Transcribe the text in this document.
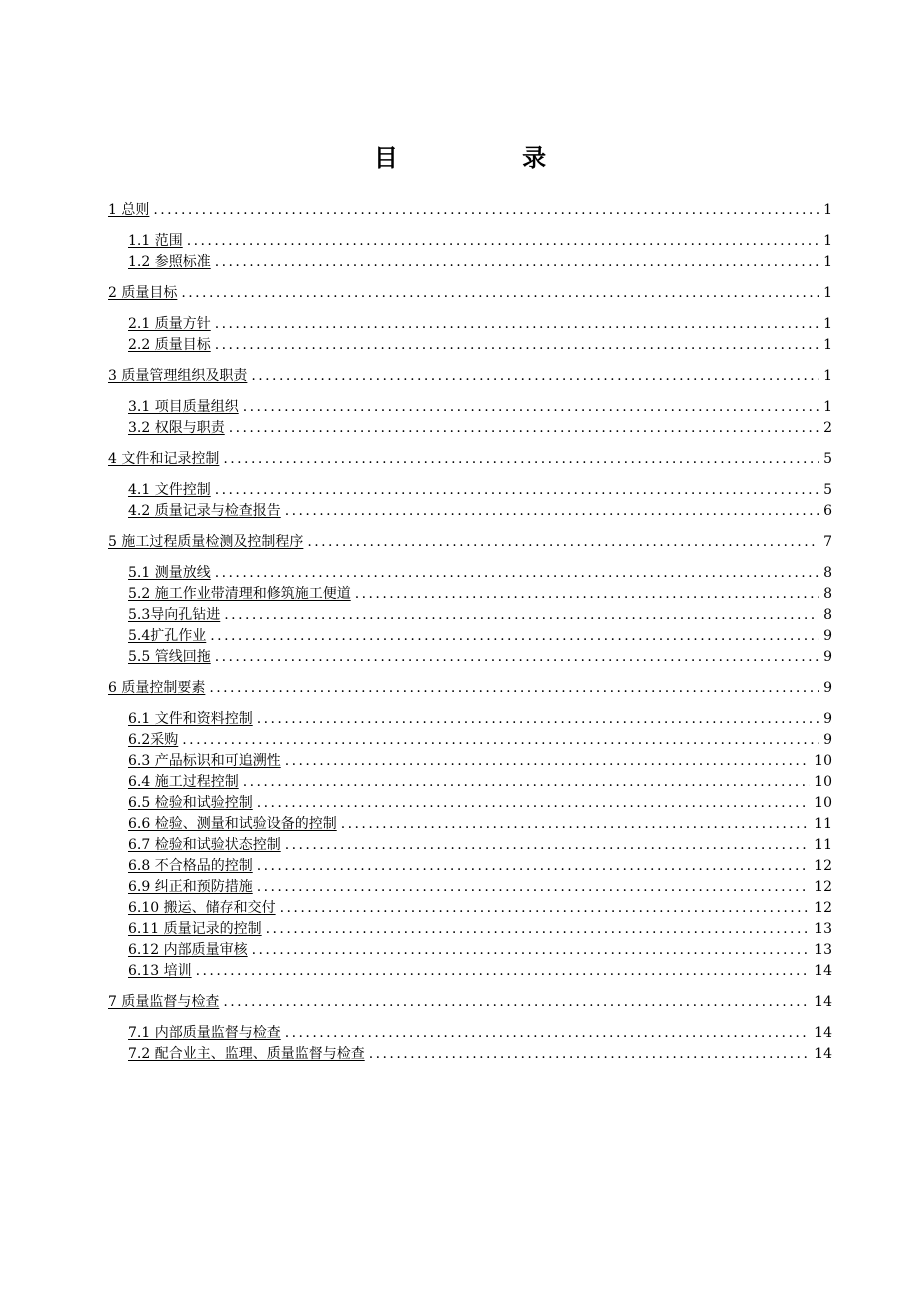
目 录
1 总则 . . .	1
1.1 范围 . . .	1
1.2 参照标准 . . .	1
2 质量目标 . . .	1
2.1 质量方针 . . .	1
2.2 质量目标 . . .	1
3 质量管理组织及职责 . . .	1
3.1 项目质量组织 . . .	1
3.2 权限与职责 . . .	2
4 文件和记录控制 . . .	5
4.1 文件控制 . . .	5
4.2 质量记录与检查报告 . . .	6
5 施工过程质量检测及控制程序 . . .	7
5.1 测量放线 . . .	8
5.2 施工作业带清理和修筑施工便道 . . .	8
5.3导向孔钻进 . . .	8
5.4扩孔作业 . . .	9
5.5 管线回拖 . . .	9
6 质量控制要素 . . .	9
6.1 文件和资料控制 . . .	9
6.2采购 . . .	9
6.3 产品标识和可追溯性 . . .	10
6.4 施工过程控制 . . .	10
6.5 检验和试验控制 . . .	10
6.6 检验、测量和试验设备的控制 . . .	11
6.7 检验和试验状态控制 . . .	11
6.8 不合格品的控制 . . .	12
6.9 纠正和预防措施 . . .	12
6.10 搬运、储存和交付 . . .	12
6.11 质量记录的控制 . . .	13
6.12 内部质量审核 . . .	13
6.13 培训 . . .	14
7 质量监督与检查 . . .	14
7.1 内部质量监督与检查 . . .	14
7.2 配合业主、监理、质量监督与检查 . . .	14
